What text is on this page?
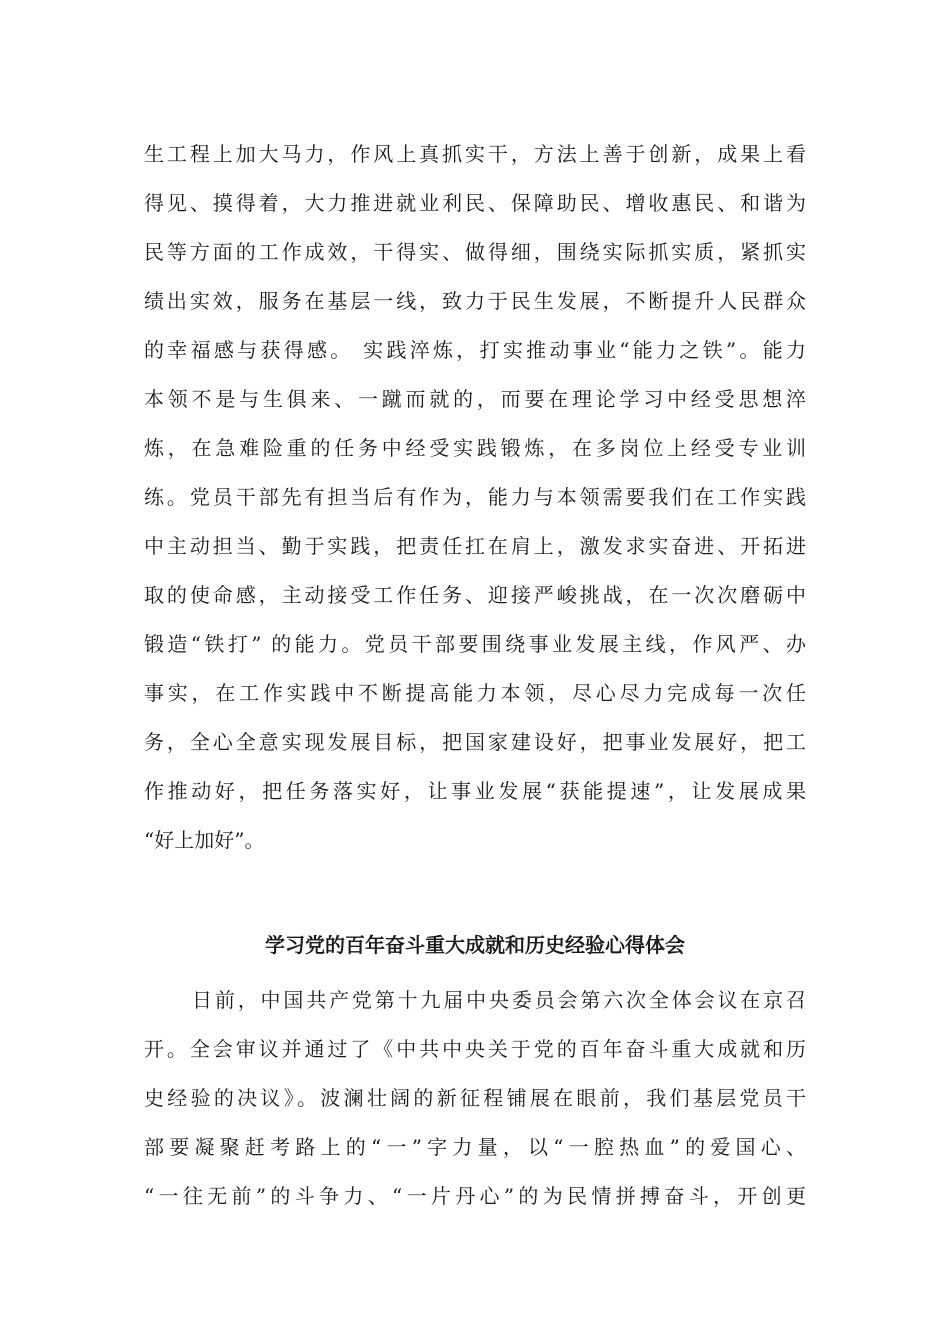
生工程上加大马力，作风上真抓实干，方法上善于创新，成果上看
得见、摸得着，大力推进就业利民、保障助民、增收惠民、和谐为
民等方面的工作成效，干得实、做得细，围绕实际抓实质，紧抓实
绩出实效，服务在基层一线，致力于民生发展，不断提升人民群众
的幸福感与获得感。 实践淬炼，打实推动事业“能力之铁”。能力
本领不是与生俱来、一蹴而就的，而要在理论学习中经受思想淬
炼，在急难险重的任务中经受实践锻炼，在多岗位上经受专业训
练。党员干部先有担当后有作为，能力与本领需要我们在工作实践
中主动担当、勤于实践，把责任扛在肩上，激发求实奋进、开拓进
取的使命感，主动接受工作任务、迎接严峻挑战，在一次次磨砺中
锻造“铁打” 的能力。党员干部要围绕事业发展主线，作风严、办
事实，在工作实践中不断提高能力本领，尽心尽力完成每一次任
务，全心全意实现发展目标，把国家建设好，把事业发展好，把工
作推动好，把任务落实好，让事业发展“获能提速”，让发展成果
“好上加好”。
学习党的百年奋斗重大成就和历史经验心得体会
日前，中国共产党第十九届中央委员会第六次全体会议在京召
开。全会审议并通过了《中共中央关于党的百年奋斗重大成就和历
史经验的决议》。波澜壮阔的新征程铺展在眼前，我们基层党员干
部要凝聚赶考路上的“一”字力量，以“一腔热血”的爱国心、
“一往无前”的斗争力、“一片丹心”的为民情拼搏奋斗，开创更
